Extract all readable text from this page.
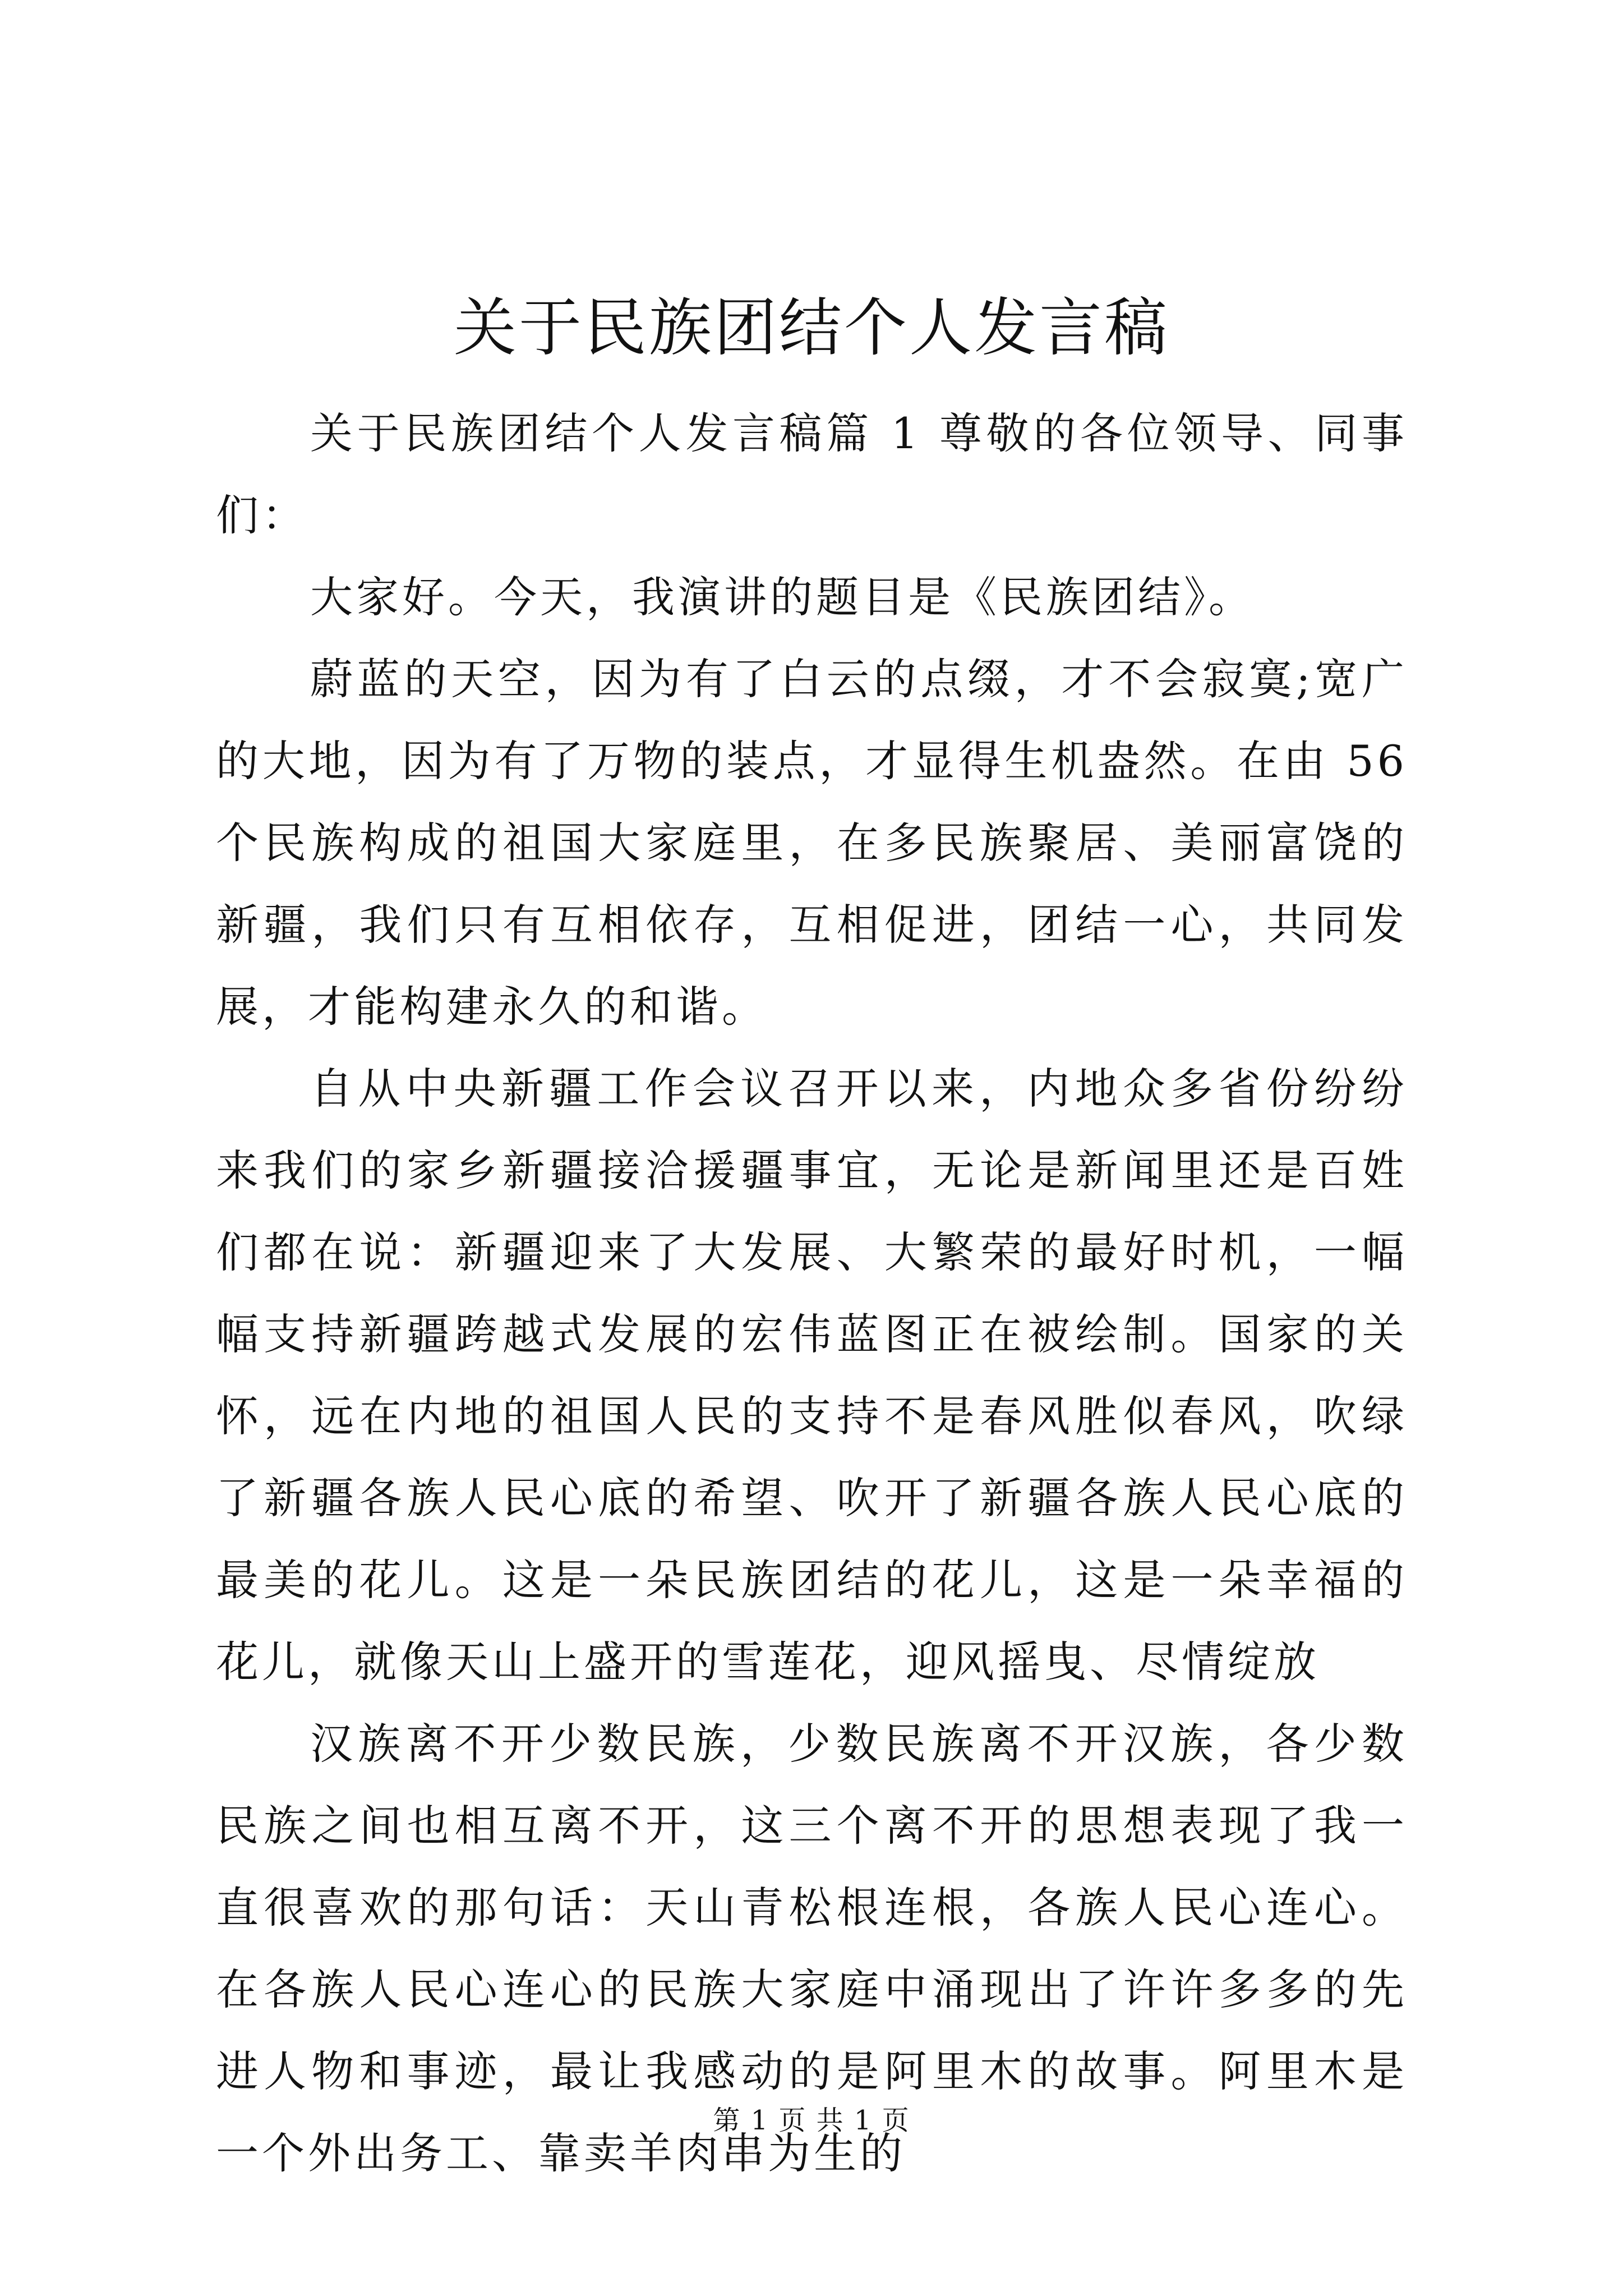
关于民族团结个人发言稿

关于民族团结个人发言稿篇 1 尊敬的各位领导、同事们：

大家好。今天，我演讲的题目是《民族团结》。

蔚蓝的天空，因为有了白云的点缀，才不会寂寞;宽广的大地，因为有了万物的装点，才显得生机盎然。在由 56 个民族构成的祖国大家庭里，在多民族聚居、美丽富饶的新疆，我们只有互相依存，互相促进，团结一心，共同发展，才能构建永久的和谐。

自从中央新疆工作会议召开以来，内地众多省份纷纷来我们的家乡新疆接洽援疆事宜，无论是新闻里还是百姓们都在说：新疆迎来了大发展、大繁荣的最好时机，一幅幅支持新疆跨越式发展的宏伟蓝图正在被绘制。国家的关怀，远在内地的祖国人民的支持不是春风胜似春风，吹绿了新疆各族人民心底的希望、吹开了新疆各族人民心底的最美的花儿。这是一朵民族团结的花儿，这是一朵幸福的花儿，就像天山上盛开的雪莲花，迎风摇曳、尽情绽放

汉族离不开少数民族，少数民族离不开汉族，各少数民族之间也相互离不开，这三个离不开的思想表现了我一直很喜欢的那句话：天山青松根连根，各族人民心连心。在各族人民心连心的民族大家庭中涌现出了许许多多的先进人物和事迹，最让我感动的是阿里木的故事。阿里木是一个外出务工、靠卖羊肉串为生的

第 1 页 共 1 页
